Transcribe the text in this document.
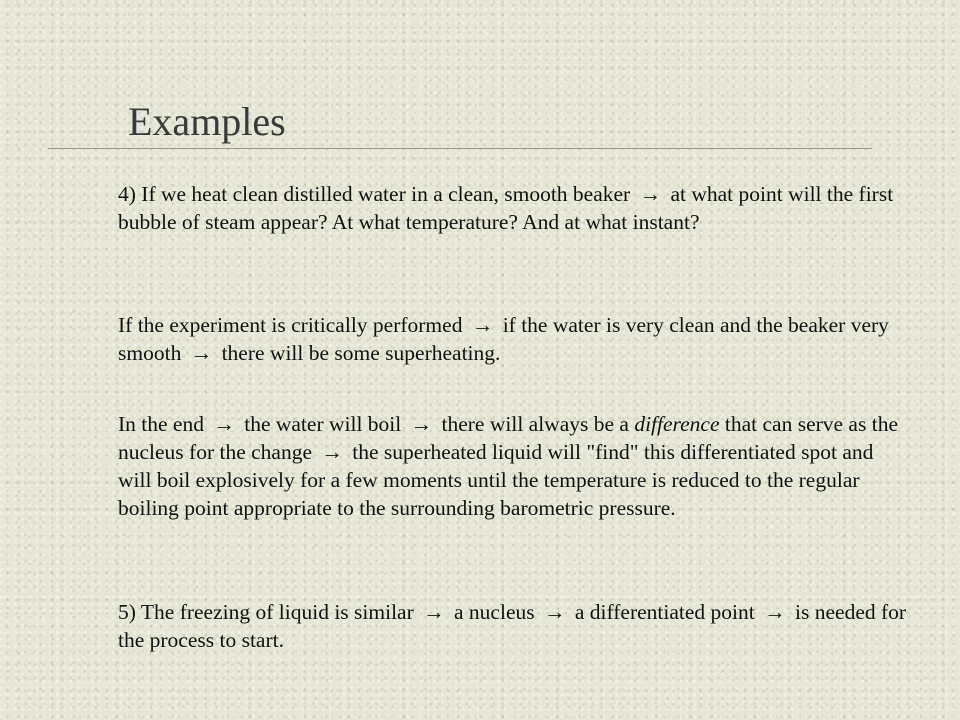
Examples

4) If we heat clean distilled water in a clean, smooth beaker → at what point will the first bubble of steam appear? At what temperature? And at what instant?

If the experiment is critically performed → if the water is very clean and the beaker very smooth → there will be some superheating.

In the end → the water will boil → there will always be a difference that can serve as the nucleus for the change → the superheated liquid will "find" this differentiated spot and will boil explosively for a few moments until the temperature is reduced to the regular boiling point appropriate to the surrounding barometric pressure.

5) The freezing of liquid is similar → a nucleus → a differentiated point → is needed for the process to start.
